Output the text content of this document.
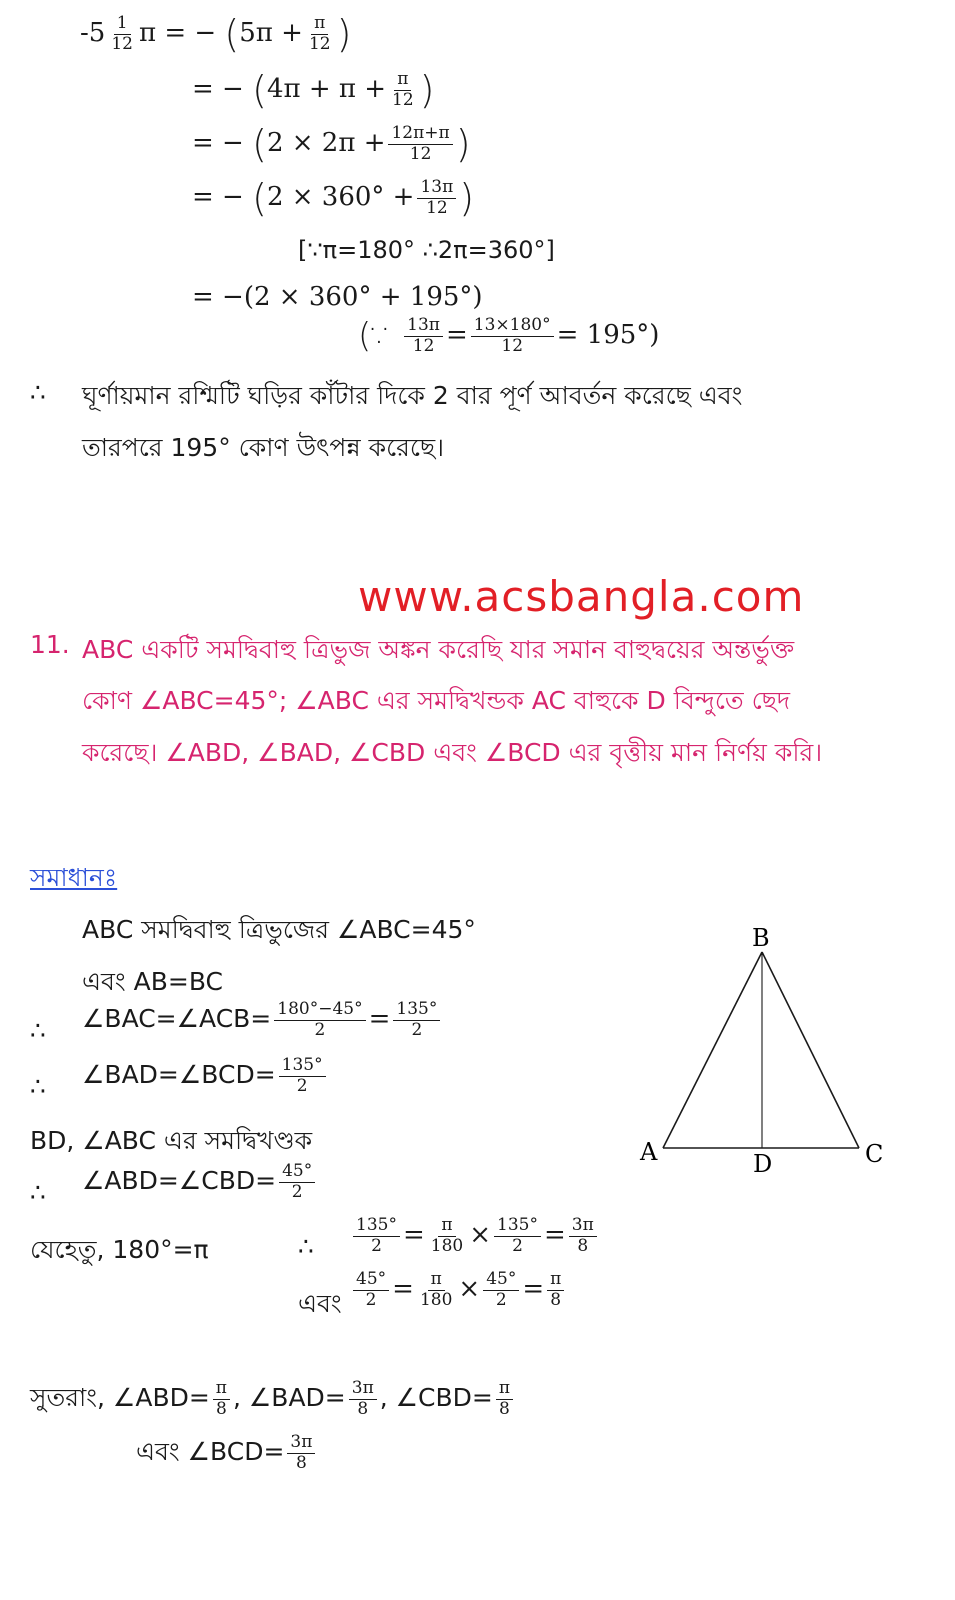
$-5 \frac{1}{12}$ π = − ($5\pi + \frac{\pi}{12}$ )
= − ($4\pi + \pi + \frac{\pi}{12}$ )
= − ($2 \times 2\pi + \frac{12\pi+\pi}{12}$ )
= − ($2 \times 360^\circ + \frac{13\pi}{12}$ )
[∵π=180° ∴2π=360°]
= −(2 × 360° + 195°)
(∵ $\frac{13\pi}{12} = \frac{13\times 180^\circ}{12} = 195^\circ$)
∴ ঘূর্ণায়মান রশ্মিটি ঘড়ির কাঁটার দিকে 2 বার পূর্ণ আবর্তন করেছে এবং
তারপরে 195° কোণ উৎপন্ন করেছে।
www.acsbangla.com
11. ABC একটি সমদ্বিবাহু ত্রিভুজ অঙ্কন করেছি যার সমান বাহুদ্বয়ের অন্তর্ভুক্ত
কোণ ∠ABC=45°; ∠ABC এর সমদ্বিখন্ডক AC বাহুকে D বিন্দুতে ছেদ
করেছে। ∠ABD, ∠BAD, ∠CBD এবং ∠BCD এর বৃত্তীয় মান নির্ণয় করি।
সমাধানঃ
ABC সমদ্বিবাহু ত্রিভুজের ∠ABC=45°
এবং AB=BC
∴ ∠BAC=∠ACB= $\frac{180^\circ-45^\circ}{2} = \frac{135^\circ}{2}$
∴ ∠BAD=∠BCD= $\frac{135^\circ}{2}$
BD, ∠ABC এর সমদ্বিখণ্ডক
∴ ∠ABD=∠CBD= $\frac{45^\circ}{2}$
যেহেতু, 180°=π	∴ $\frac{135^\circ}{2} = \frac{\pi}{180} \times \frac{135^\circ}{2} = \frac{3\pi}{8}$
এবং $\frac{45^\circ}{2} = \frac{\pi}{180} \times \frac{45^\circ}{2} = \frac{\pi}{8}$
সুতরাং, ∠ABD= $\frac{\pi}{8}$ , ∠BAD= $\frac{3\pi}{8}$ , ∠CBD= $\frac{\pi}{8}$
এবং ∠BCD= $\frac{3\pi}{8}$
B
A	C
D
